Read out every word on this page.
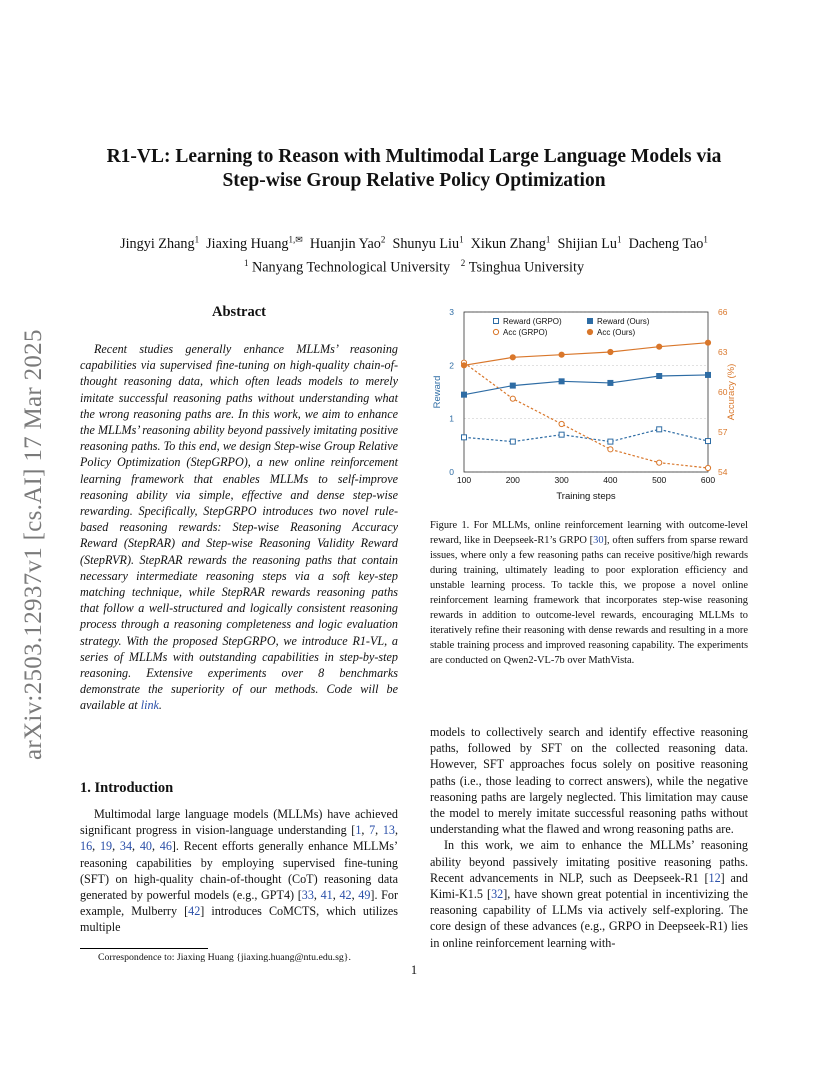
arXiv:2503.12937v1 [cs.AI] 17 Mar 2025
R1-VL: Learning to Reason with Multimodal Large Language Models via
Step-wise Group Relative Policy Optimization
Jingyi Zhang$^1$ Jiaxing Huang$^{1,✉}$ Huanjin Yao$^2$ Shunyu Liu$^1$ Xikun Zhang$^1$ Shijian Lu$^1$ Dacheng Tao$^1$
$^1$ Nanyang Technological University $^2$ Tsinghua University
Abstract
Recent studies generally enhance MLLMs’ reasoning capabilities via supervised fine-tuning on high-quality chain-of-thought reasoning data, which often leads models to merely imitate successful reasoning paths without understanding what the wrong reasoning paths are. In this work, we aim to enhance the MLLMs’ reasoning ability beyond passively imitating positive reasoning paths. To this end, we design Step-wise Group Relative Policy Optimization (StepGRPO), a new online reinforcement learning framework that enables MLLMs to self-improve reasoning ability via simple, effective and dense step-wise rewarding. Specifically, StepGRPO introduces two novel rule-based reasoning rewards: Step-wise Reasoning Accuracy Reward (StepRAR) and Step-wise Reasoning Validity Reward (StepRVR). StepRAR rewards the reasoning paths that contain necessary intermediate reasoning steps via a soft key-step matching technique, while StepRAR rewards reasoning paths that follow a well-structured and logically consistent reasoning process through a reasoning completeness and logic evaluation strategy. With the proposed StepGRPO, we introduce R1-VL, a series of MLLMs with outstanding capabilities in step-by-step reasoning. Extensive experiments over 8 benchmarks demonstrate the superiority of our methods. Code will be available at link.
1. Introduction
Multimodal large language models (MLLMs) have achieved significant progress in vision-language understanding [1, 7, 13, 16, 19, 34, 40, 46]. Recent efforts generally enhance MLLMs’ reasoning capabilities by employing supervised fine-tuning (SFT) on high-quality chain-of-thought (CoT) reasoning data generated by powerful models (e.g., GPT4) [33, 41, 42, 49]. For example, Mulberry [42] introduces CoMCTS, which utilizes multiple
Correspondence to: Jiaxing Huang {jiaxing.huang@ntu.edu.sg}.
0
1
2
3
54
57
60
63
66
100	200	300	400	500	600
Training steps
Reward	Accuracy (%)
Reward (GRPO)
Acc (GRPO)
Reward (Ours)
Acc (Ours)
Figure 1. For MLLMs, online reinforcement learning with outcome-level reward, like in Deepseek-R1’s GRPO [30], often suffers from sparse reward issues, where only a few reasoning paths can receive positive/high rewards during training, ultimately leading to poor exploration efficiency and unstable learning process. To tackle this, we propose a novel online reinforcement learning framework that incorporates step-wise reasoning rewards in addition to outcome-level rewards, encouraging MLLMs to iteratively refine their reasoning with dense rewards and resulting in a more stable training process and improved reasoning capability. The experiments are conducted on Qwen2-VL-7b over MathVista.

models to collectively search and identify effective reasoning paths, followed by SFT on the collected reasoning data. However, SFT approaches focus solely on positive reasoning paths (i.e., those leading to correct answers), while the negative reasoning paths are largely neglected. This limitation may cause the model to merely imitate successful reasoning paths without understanding what the flawed and wrong reasoning paths are.

In this work, we aim to enhance the MLLMs’ reasoning ability beyond passively imitating positive reasoning paths. Recent advancements in NLP, such as Deepseek-R1 [12] and Kimi-K1.5 [32], have shown great potential in incentivizing the reasoning capability of LLMs via actively self-exploring. The core design of these advances (e.g., GRPO in Deepseek-R1) lies in online reinforcement learning with-

1
